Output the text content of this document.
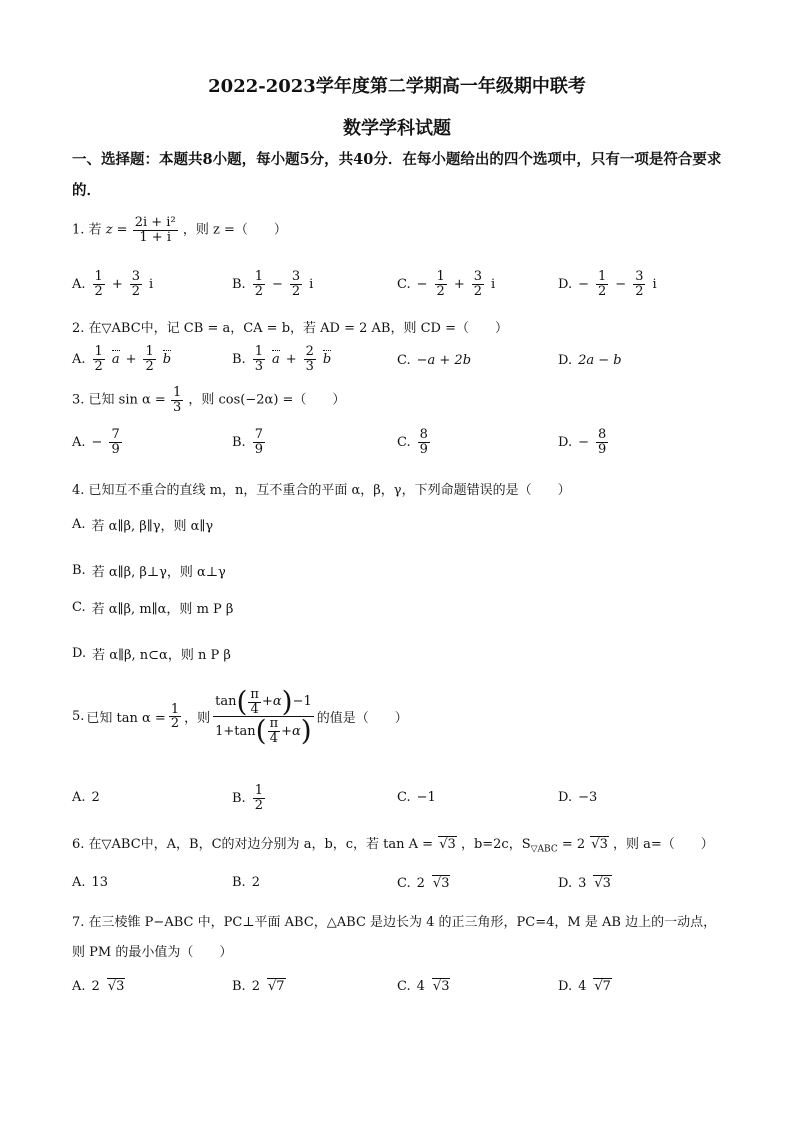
2022-2023学年度第二学期高一年级期中联考
数学学科试题
一、选择题：本题共8小题，每小题5分，共40分．在每小题给出的四个选项中，只有一项是符合要求的．
1. 若 $z = \frac{\text{2i + i²}}{1 + i}$ ，则 z =（　　）
A. $\frac{1}{2} + \frac{3}{2}$ i	B. $\frac{1}{2} - \frac{3}{2}$ i	C. − $\frac{1}{2} + \frac{3}{2}$ i	D. − $\frac{1}{2} - \frac{3}{2}$ i
2. 在▽ABC中，记 CB = a，CA = b，若 AD = 2 AB，则 CD =（　　）
A. $\frac{1}{2}$ $a + \frac{1}{2}$ b	B. $\frac{1}{3}$ $a + \frac{2}{3}$ b	C. −a + 2b	D. 2a − b
3. 已知 $\sin \alpha = \frac{1}{3}$ ，则 cos(−2α) =（　　）
A. − $\frac{7}{9}$	B. $\frac{7}{9}$	C. $\frac{8}{9}$	D. − $\frac{8}{9}$
4. 已知互不重合的直线 m，n，互不重合的平面 α，β，γ，下列命题错误的是（　　）
A. 若 α∥β, β∥γ，则 α∥γ
B. 若 α∥β, β⊥γ，则 α⊥γ
C. 若 α∥β, m∥α，则 m P β
D. 若 α∥β, n⊂α，则 n P β
5. 已知 $\tan \alpha = \frac{1}{2}$ ，则 $\frac{\tan ( \frac{\pi}{4} +\alpha ) -1}{1+\tan ( \frac{\pi}{4} +\alpha )}$ 的值是（　　）
A. 2	B. $\frac{1}{2}$	C. −1	D. −3
6. 在▽ABC中，A，B，C的对边分别为 a，b，c，若 tan A = √3 ，b=2c，$S_{▽ABC} = 2$ √3 ，则 a=（　　）
A. 13	B. 2	C. 2 √3	D. 3 √3
7. 在三棱锥 P−ABC 中，PC⊥平面 ABC，△ABC 是边长为 4 的正三角形，PC=4，M 是 AB 边上的一动点，
则 PM 的最小值为（　　）
A. 2 √3	B. 2 √7	C. 4 √3	D. 4 √7
